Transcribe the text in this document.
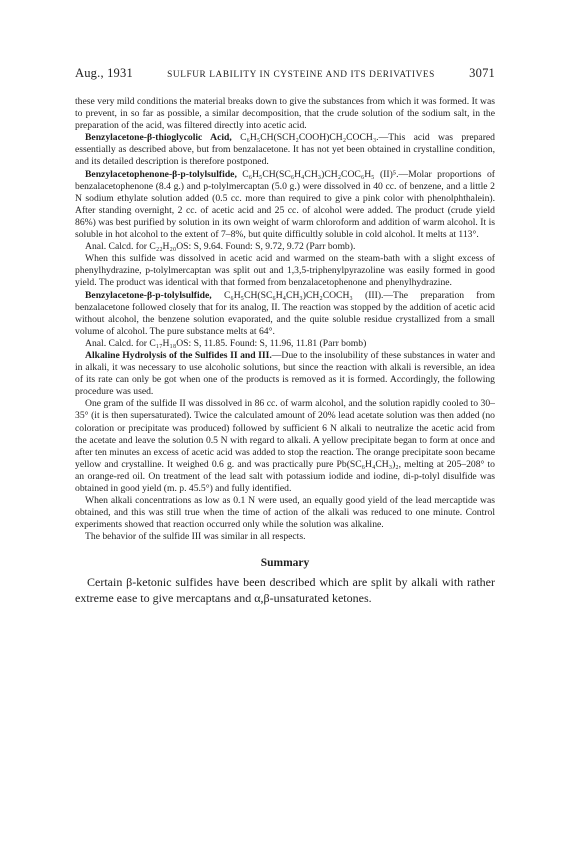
Aug., 1931	SULFUR LABILITY IN CYSTEINE AND ITS DERIVATIVES	3071

these very mild conditions the material breaks down to give the substances from which it was formed. It was to prevent, in so far as possible, a similar decomposition, that the crude solution of the sodium salt, in the preparation of the acid, was filtered directly into acetic acid.

Benzylacetone-β-thioglycolic Acid, C₆H₅CH(SCH₂COOH)CH₂COCH₃.—This acid was prepared essentially as described above, but from benzalacetone. It has not yet been obtained in crystalline condition, and its detailed description is therefore postponed.

Benzylacetophenone-β-p-tolylsulfide, C₆H₅CH(SC₆H₄CH₃)CH₂COC₆H₅ (II)⁵.—Molar proportions of benzalacetophenone (8.4 g.) and p-tolylmercaptan (5.0 g.) were dissolved in 40 cc. of benzene, and a little 2 N sodium ethylate solution added (0.5 cc. more than required to give a pink color with phenolphthalein). After standing overnight, 2 cc. of acetic acid and 25 cc. of alcohol were added. The product (crude yield 86%) was best purified by solution in its own weight of warm chloroform and addition of warm alcohol. It is soluble in hot alcohol to the extent of 7–8%, but quite difficultly soluble in cold alcohol. It melts at 113°.

Anal. Calcd. for C₂₂H₂₀OS: S, 9.64. Found: S, 9.72, 9.72 (Parr bomb).

When this sulfide was dissolved in acetic acid and warmed on the steam-bath with a slight excess of phenylhydrazine, p-tolylmercaptan was split out and 1,3,5-triphenylpyrazoline was easily formed in good yield. The product was identical with that formed from benzalacetophenone and phenylhydrazine.

Benzylacetone-β-p-tolylsulfide, C₆H₅CH(SC₆H₄CH₃)CH₂COCH₃ (III).—The preparation from benzalacetone followed closely that for its analog, II. The reaction was stopped by the addition of acetic acid without alcohol, the benzene solution evaporated, and the quite soluble residue crystallized from a small volume of alcohol. The pure substance melts at 64°.

Anal. Calcd. for C₁₇H₁₈OS: S, 11.85. Found: S, 11.96, 11.81 (Parr bomb)

Alkaline Hydrolysis of the Sulfides II and III.—Due to the insolubility of these substances in water and in alkali, it was necessary to use alcoholic solutions, but since the reaction with alkali is reversible, an idea of its rate can only be got when one of the products is removed as it is formed. Accordingly, the following procedure was used.

One gram of the sulfide II was dissolved in 86 cc. of warm alcohol, and the solution rapidly cooled to 30–35° (it is then supersaturated). Twice the calculated amount of 20% lead acetate solution was then added (no coloration or precipitate was produced) followed by sufficient 6 N alkali to neutralize the acetic acid from the acetate and leave the solution 0.5 N with regard to alkali. A yellow precipitate began to form at once and after ten minutes an excess of acetic acid was added to stop the reaction. The orange precipitate soon became yellow and crystalline. It weighed 0.6 g. and was practically pure Pb(SC₆H₄CH₃)₂, melting at 205–208° to an orange-red oil. On treatment of the lead salt with potassium iodide and iodine, di-p-tolyl disulfide was obtained in good yield (m. p. 45.5°) and fully identified.

When alkali concentrations as low as 0.1 N were used, an equally good yield of the lead mercaptide was obtained, and this was still true when the time of action of the alkali was reduced to one minute. Control experiments showed that reaction occurred only while the solution was alkaline.

The behavior of the sulfide III was similar in all respects.

Summary

Certain β-ketonic sulfides have been described which are split by alkali with rather extreme ease to give mercaptans and α,β-unsaturated ketones.
